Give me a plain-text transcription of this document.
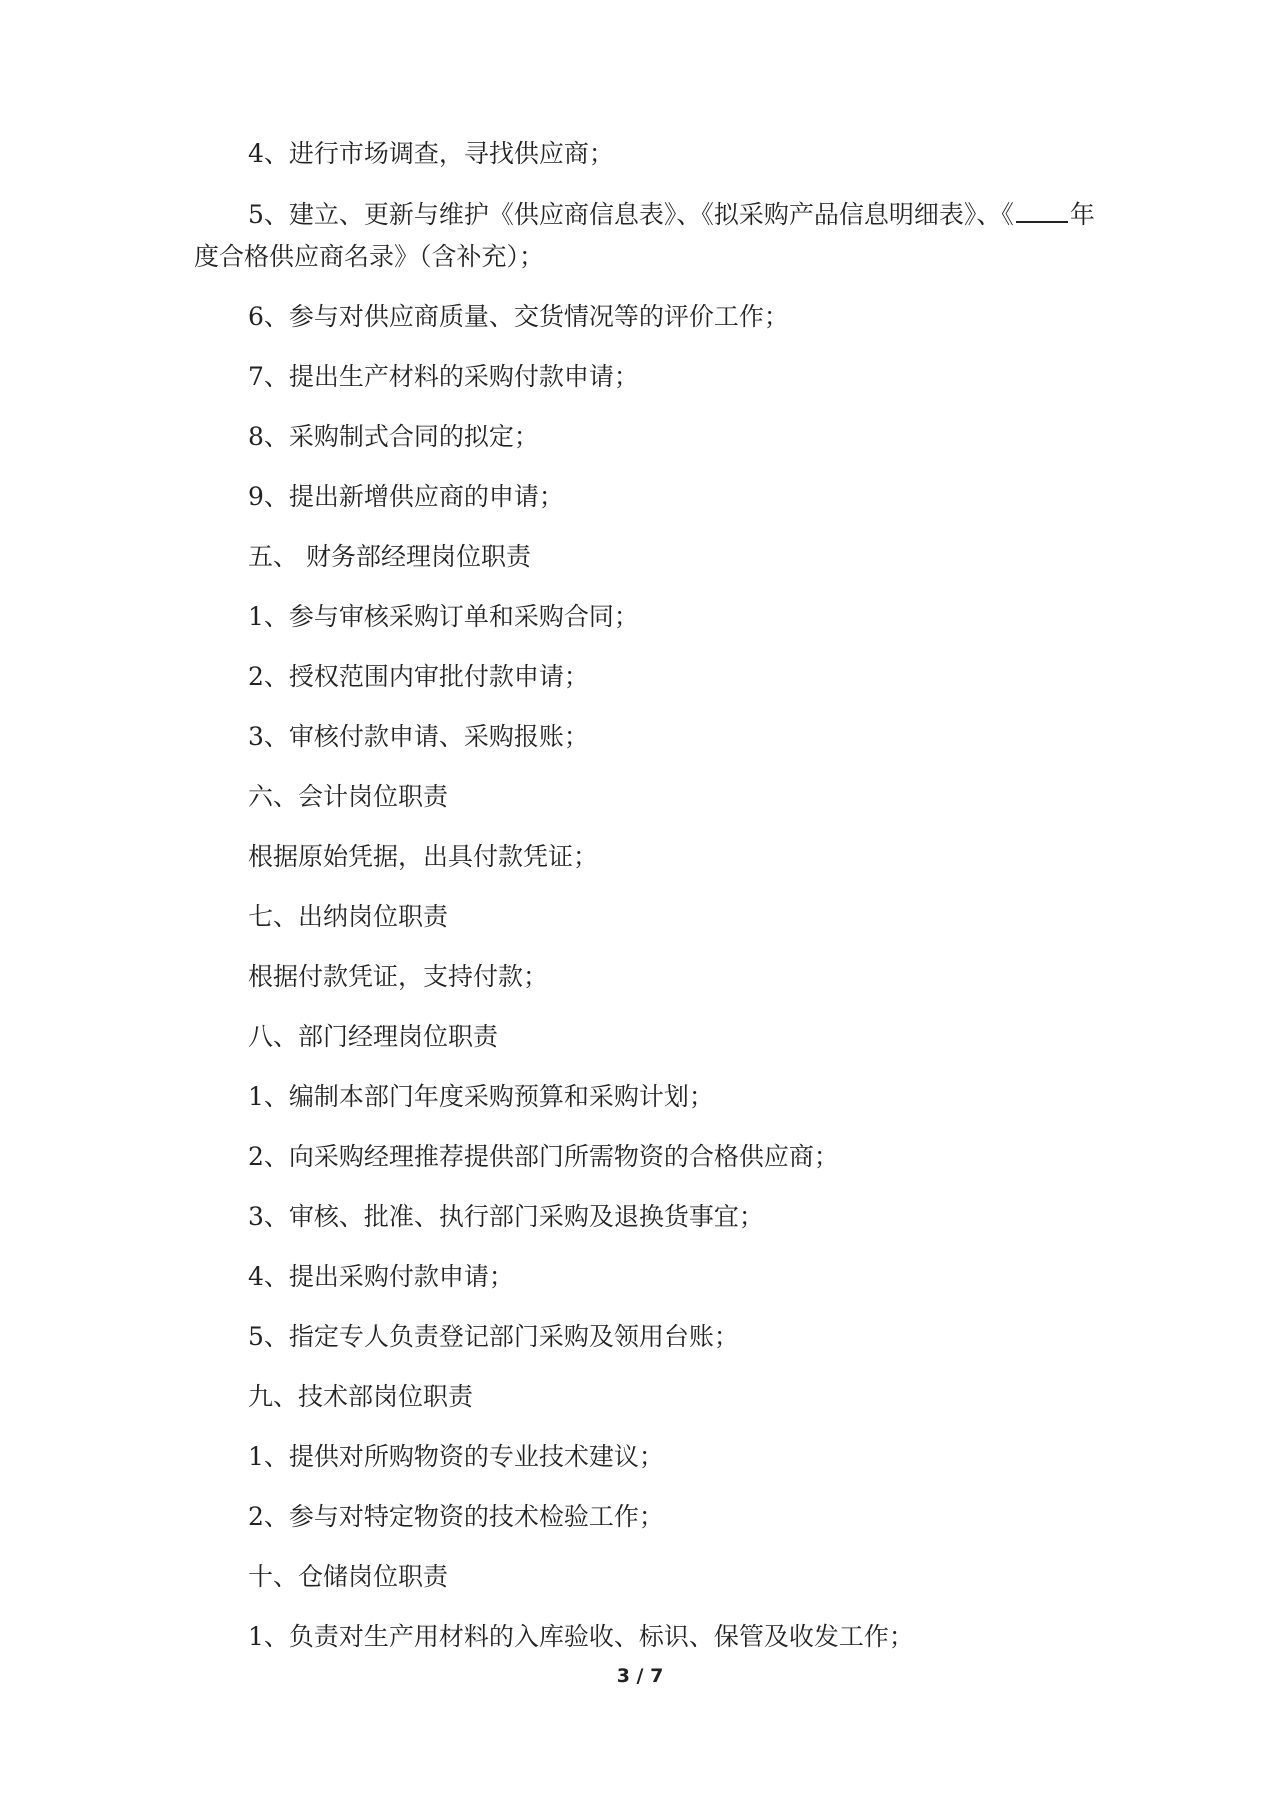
4、进行市场调查，寻找供应商；
5、建立、更新与维护《供应商信息表》、《拟采购产品信息明细表》、《 年
度合格供应商名录》（含补充）；
6、参与对供应商质量、交货情况等的评价工作；
7、提出生产材料的采购付款申请；
8、采购制式合同的拟定；
9、提出新增供应商的申请；
五、 财务部经理岗位职责
1、参与审核采购订单和采购合同；
2、授权范围内审批付款申请；
3、审核付款申请、采购报账；
六、会计岗位职责
根据原始凭据，出具付款凭证；
七、出纳岗位职责
根据付款凭证，支持付款；
八、部门经理岗位职责
1、编制本部门年度采购预算和采购计划；
2、向采购经理推荐提供部门所需物资的合格供应商；
3、审核、批准、执行部门采购及退换货事宜；
4、提出采购付款申请；
5、指定专人负责登记部门采购及领用台账；
九、技术部岗位职责
1、提供对所购物资的专业技术建议；
2、参与对特定物资的技术检验工作；
十、仓储岗位职责
1、负责对生产用材料的入库验收、标识、保管及收发工作；
3 / 7
